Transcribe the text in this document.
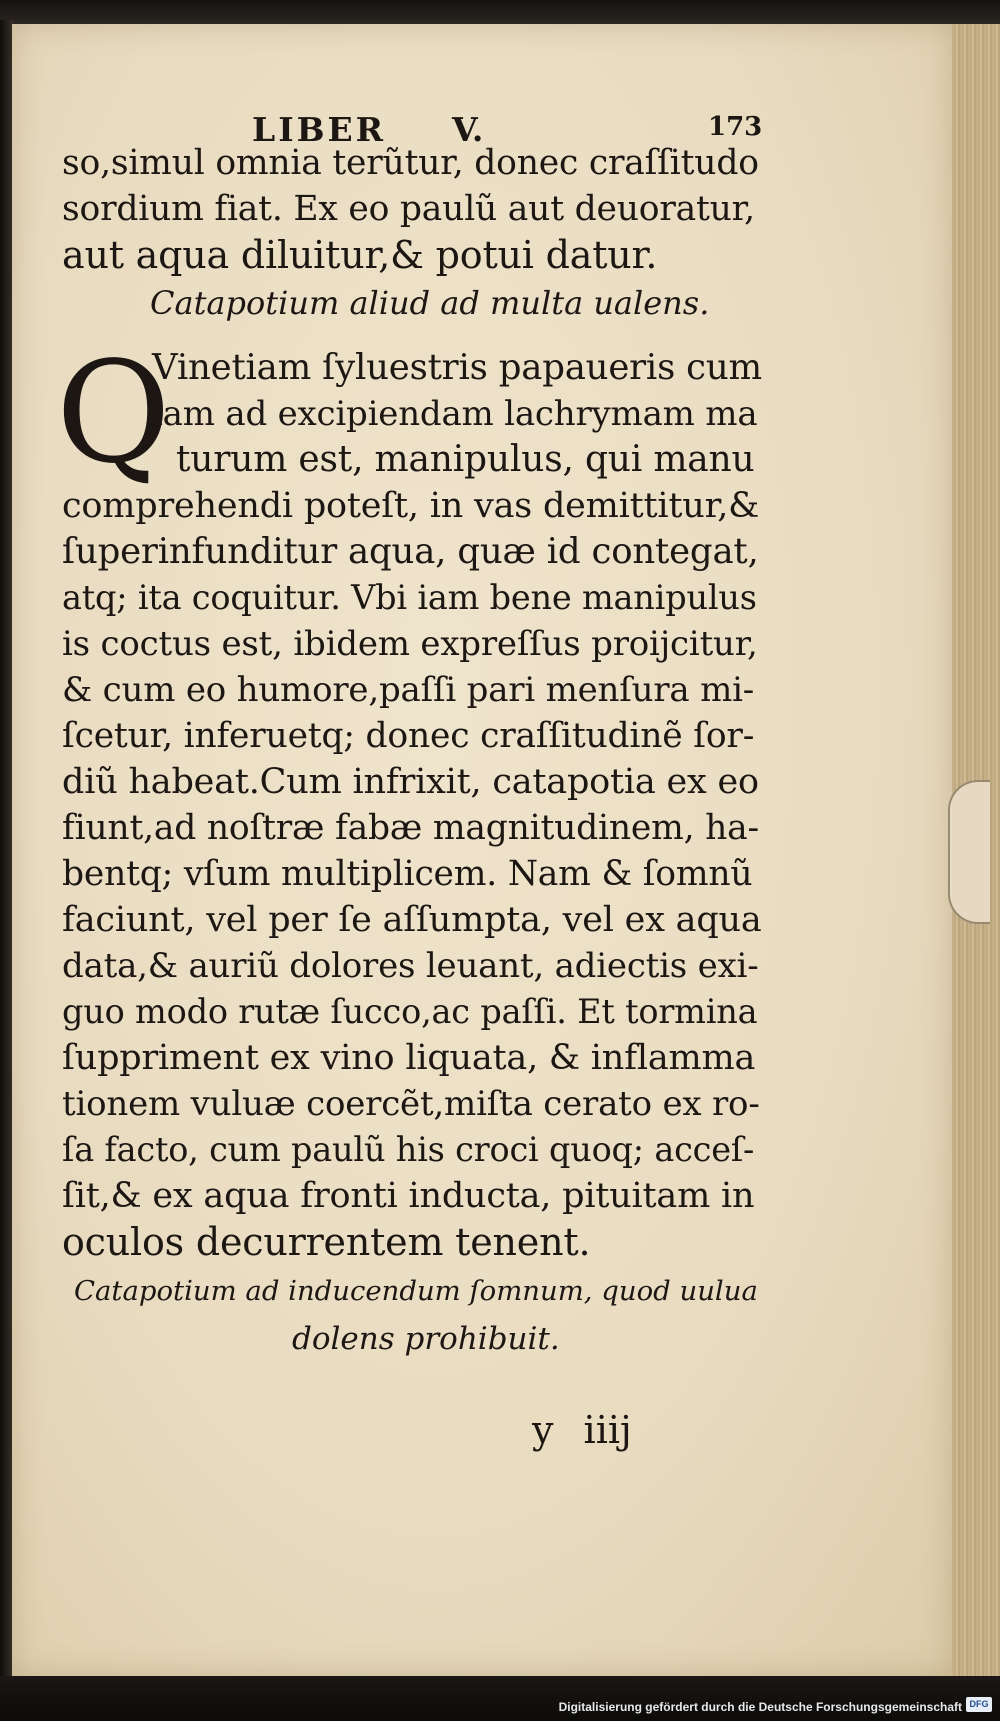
LIBER V.	173
so,simul omnia terũtur, donec craſſitudo
sordium fiat. Ex eo paulũ aut deuoratur,
aut aqua diluitur,& potui datur.
Catapotium aliud ad multa ualens.
Q
Vinetiam ſyluestris papaueris cum
iam ad excipiendam lachrymam ma
turum est, manipulus, qui manu
comprehendi poteſt, in vas demittitur,&
ſuperinfunditur aqua, quæ id contegat,
atq; ita coquitur. Vbi iam bene manipulus
is coctus est, ibidem expreſſus proijcitur,
& cum eo humore,paſſi pari menſura mi-
ſcetur, inferuetq; donec craſſitudinẽ ſor-
diũ habeat.Cum infrixit, catapotia ex eo
fiunt,ad noſtræ fabæ magnitudinem, ha-
bentq; vſum multiplicem. Nam & ſomnũ
faciunt, vel per ſe aſſumpta, vel ex aqua
data,& auriũ dolores leuant, adiectis exi-
guo modo rutæ ſucco,ac paſſi. Et tormina
ſuppriment ex vino liquata, & inflamma
tionem vuluæ coercẽt,miſta cerato ex ro-
ſa facto, cum paulũ his croci quoq; acceſ-
ſit,& ex aqua fronti inducta, pituitam in
oculos decurrentem tenent.
Catapotium ad inducendum ſomnum, quod uulua
dolens prohibuit.
y iiij
Digitalisierung gefördert durch die Deutsche Forschungsgemeinschaft DFG
